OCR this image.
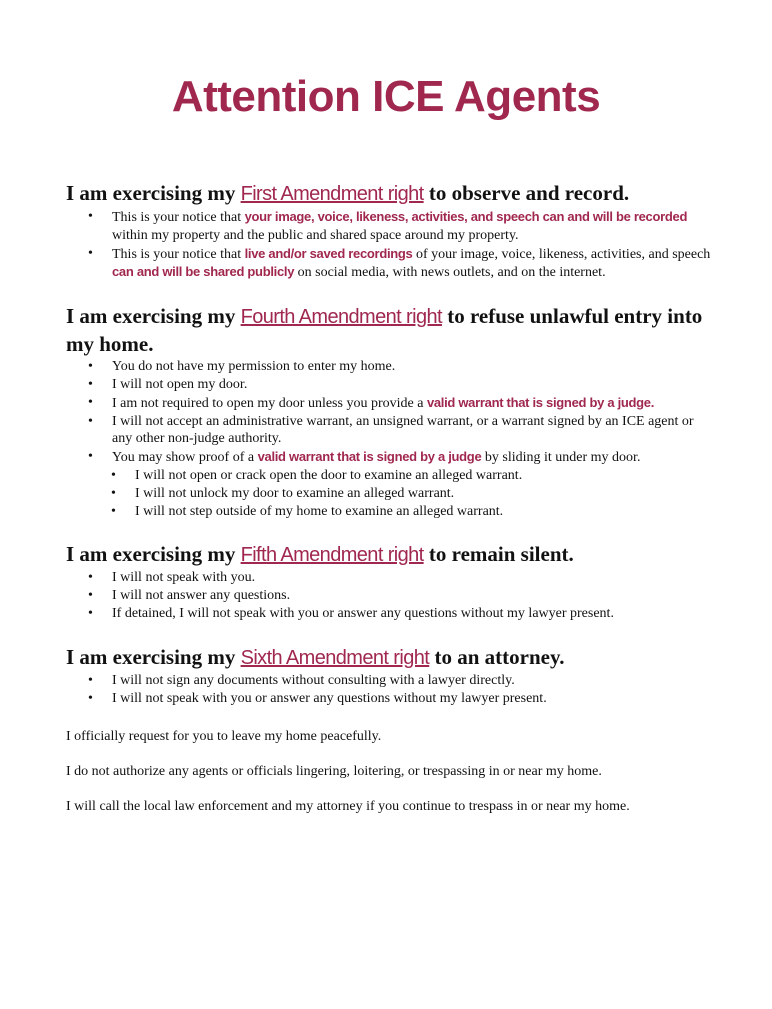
Attention ICE Agents
I am exercising my First Amendment right to observe and record.
• This is your notice that your image, voice, likeness, activities, and speech can and will be recorded within my property and the public and shared space around my property.
• This is your notice that live and/or saved recordings of your image, voice, likeness, activities, and speech can and will be shared publicly on social media, with news outlets, and on the internet.
I am exercising my Fourth Amendment right to refuse unlawful entry into my home.
• You do not have my permission to enter my home.
• I will not open my door.
• I am not required to open my door unless you provide a valid warrant that is signed by a judge.
• I will not accept an administrative warrant, an unsigned warrant, or a warrant signed by an ICE agent or any other non-judge authority.
• You may show proof of a valid warrant that is signed by a judge by sliding it under my door.
• I will not open or crack open the door to examine an alleged warrant.
• I will not unlock my door to examine an alleged warrant.
• I will not step outside of my home to examine an alleged warrant.
I am exercising my Fifth Amendment right to remain silent.
• I will not speak with you.
• I will not answer any questions.
• If detained, I will not speak with you or answer any questions without my lawyer present.
I am exercising my Sixth Amendment right to an attorney.
• I will not sign any documents without consulting with a lawyer directly.
• I will not speak with you or answer any questions without my lawyer present.

I officially request for you to leave my home peacefully.

I do not authorize any agents or officials lingering, loitering, or trespassing in or near my home.

I will call the local law enforcement and my attorney if you continue to trespass in or near my home.
